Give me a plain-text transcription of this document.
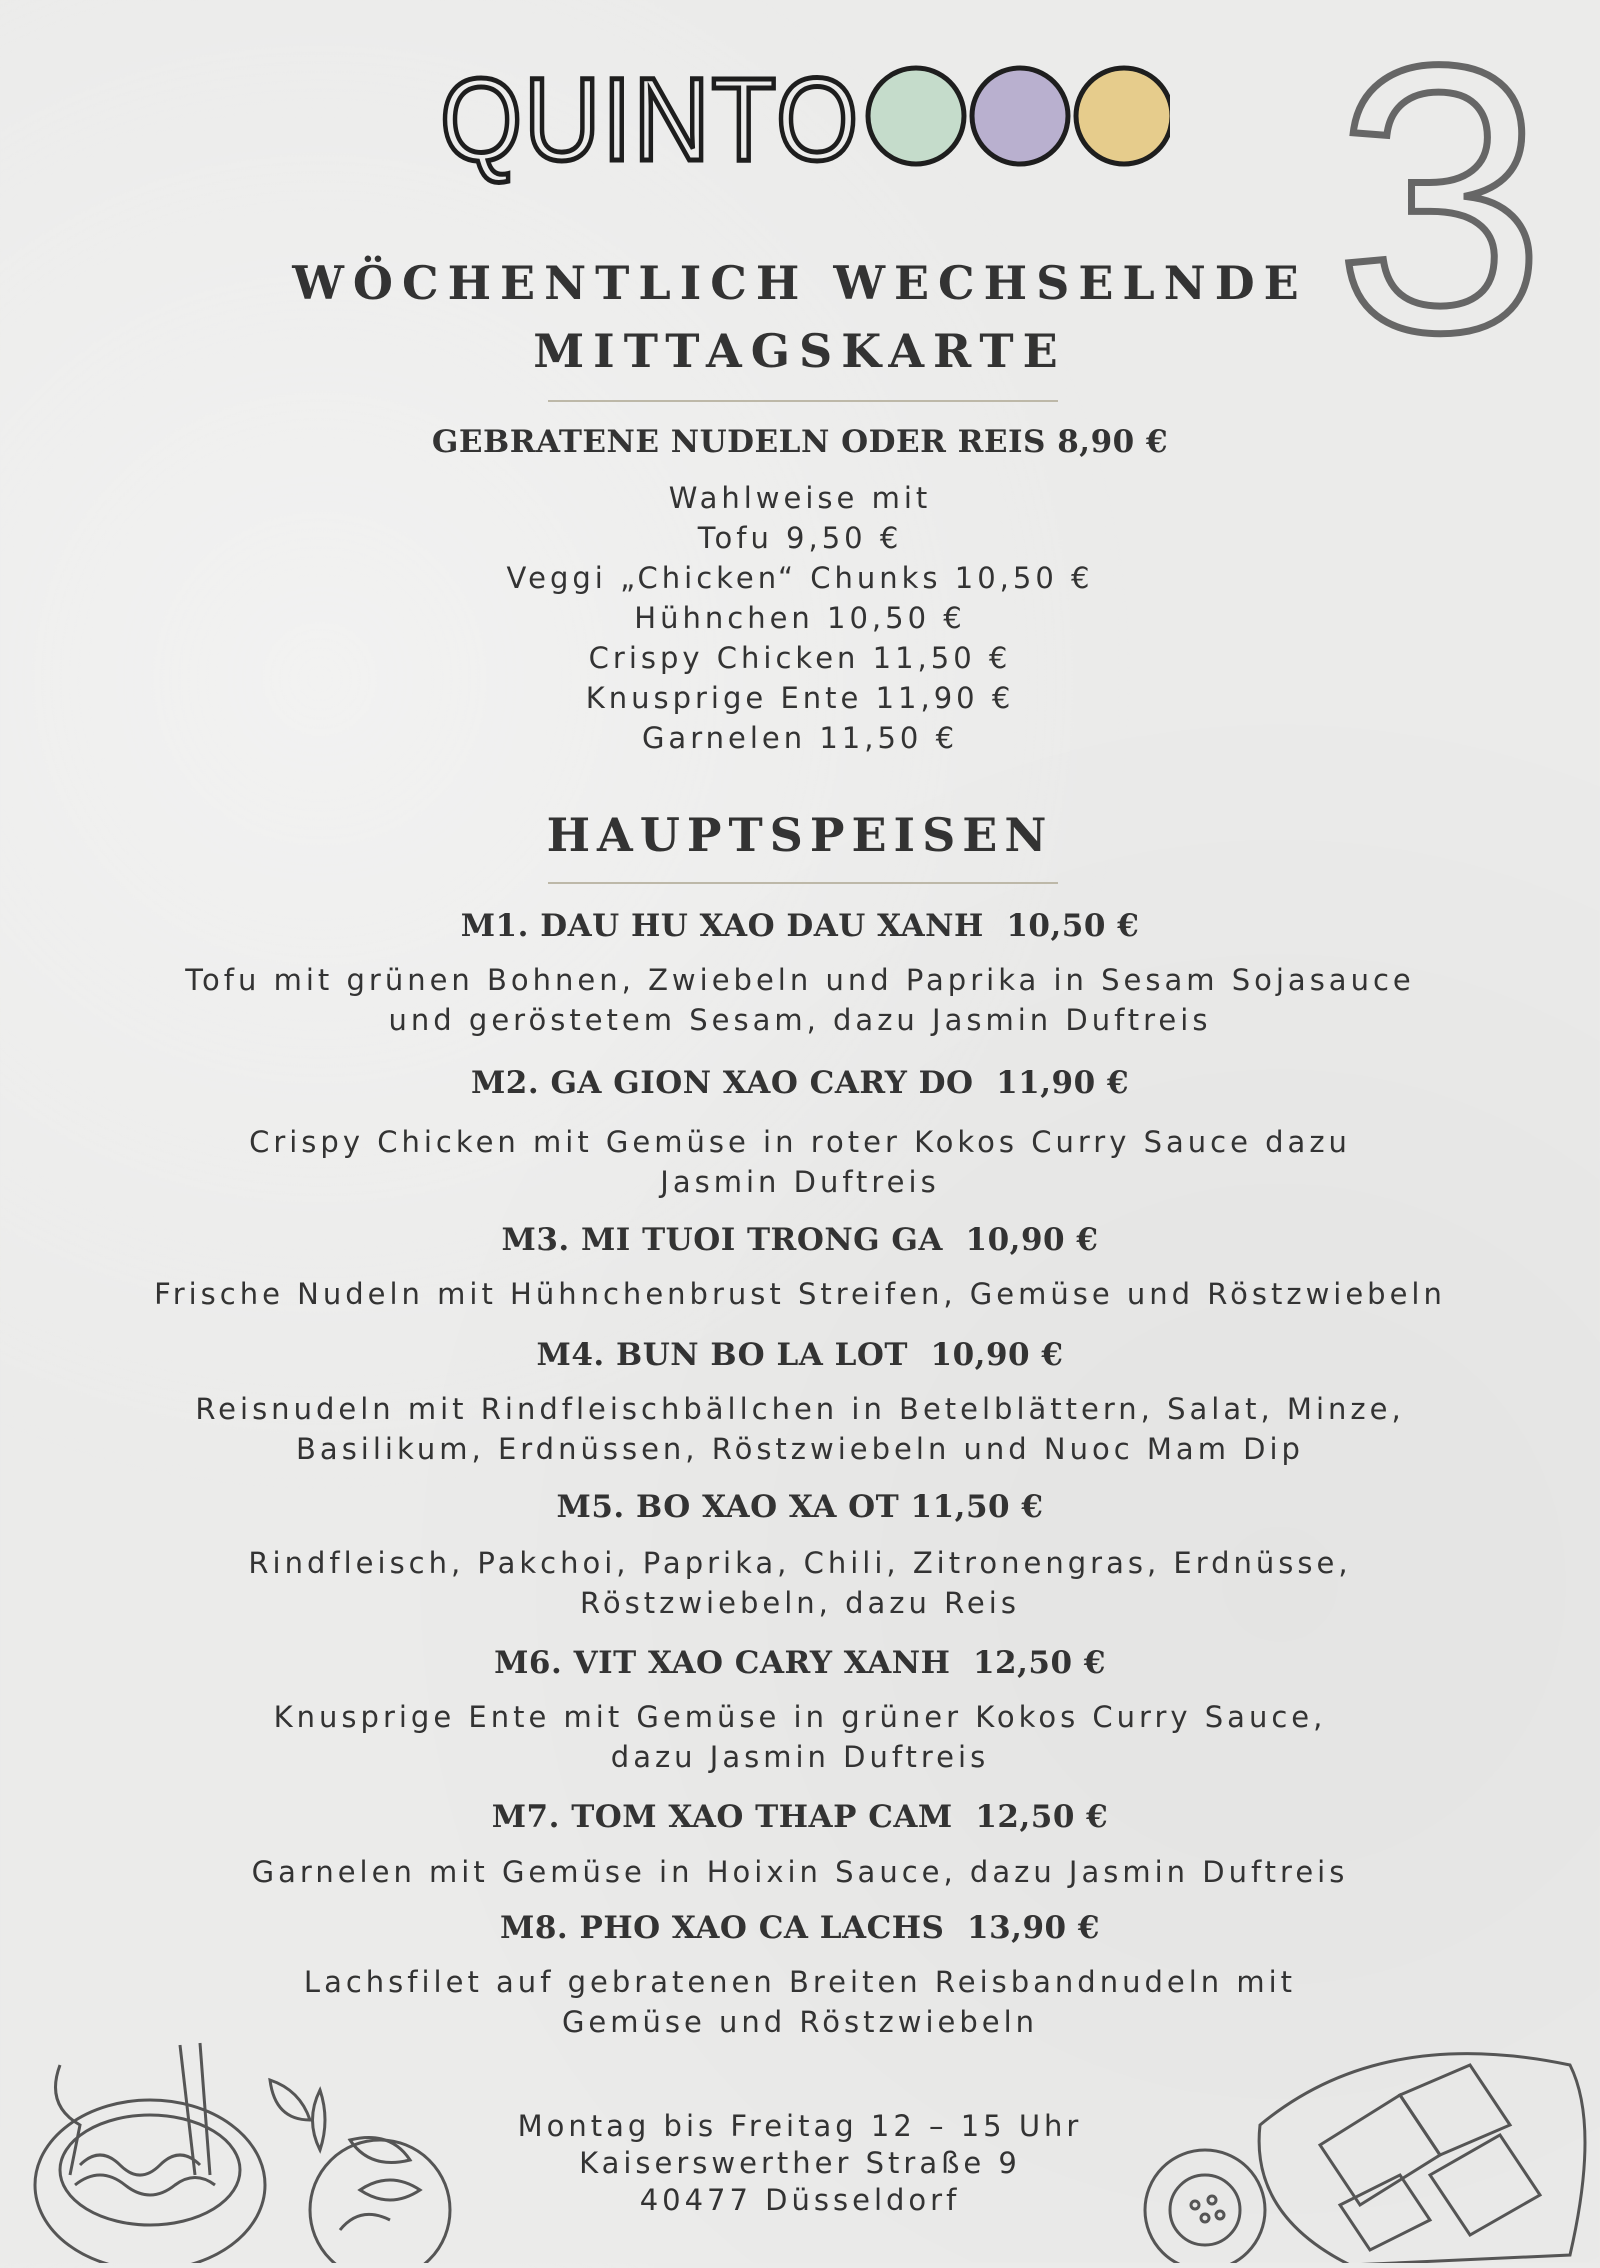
QUINTO 3
WÖCHENTLICH WECHSELNDE
MITTAGSKARTE
GEBRATENE NUDELN ODER REIS 8,90 €
Wahlweise mit
Tofu 9,50 €
Veggi „Chicken“ Chunks 10,50 €
Hühnchen 10,50 €
Crispy Chicken 11,50 €
Knusprige Ente 11,90 €
Garnelen 11,50 €
HAUPTSPEISEN
M1. DAU HU XAO DAU XANH  10,50 €
Tofu mit grünen Bohnen, Zwiebeln und Paprika in Sesam Sojasauce
und geröstetem Sesam, dazu Jasmin Duftreis
M2. GA GION XAO CARY DO  11,90 €
Crispy Chicken mit Gemüse in roter Kokos Curry Sauce dazu
Jasmin Duftreis
M3. MI TUOI TRONG GA  10,90 €
Frische Nudeln mit Hühnchenbrust Streifen, Gemüse und Röstzwiebeln
M4. BUN BO LA LOT  10,90 €
Reisnudeln mit Rindfleischbällchen in Betelblättern, Salat, Minze,
Basilikum, Erdnüssen, Röstzwiebeln und Nuoc Mam Dip
M5. BO XAO XA OT 11,50 €
Rindfleisch, Pakchoi, Paprika, Chili, Zitronengras, Erdnüsse,
Röstzwiebeln, dazu Reis
M6. VIT XAO CARY XANH  12,50 €
Knusprige Ente mit Gemüse in grüner Kokos Curry Sauce,
dazu Jasmin Duftreis
M7. TOM XAO THAP CAM  12,50 €
Garnelen mit Gemüse in Hoixin Sauce, dazu Jasmin Duftreis
M8. PHO XAO CA LACHS  13,90 €
Lachsfilet auf gebratenen Breiten Reisbandnudeln mit
Gemüse und Röstzwiebeln
Montag bis Freitag 12 – 15 Uhr
Kaiserswerther Straße 9
40477 Düsseldorf
